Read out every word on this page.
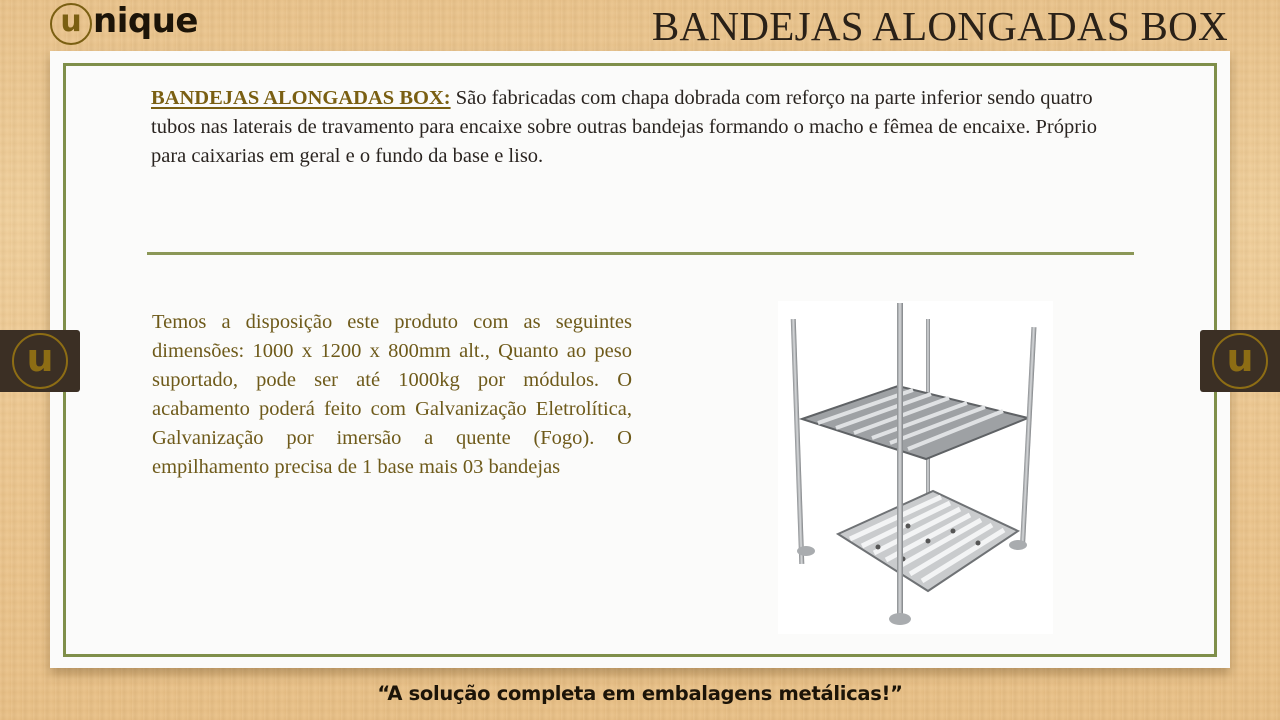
u nique	BANDEJAS ALONGADAS BOX

BANDEJAS ALONGADAS BOX: São fabricadas com chapa dobrada com reforço na parte inferior sendo quatro tubos nas laterais de travamento para encaixe sobre outras bandejas formando o macho e fêmea de encaixe. Próprio para caixarias em geral e o fundo da base e liso.

Temos a disposição este produto com as seguintes dimensões: 1000 x 1200 x 800mm alt., Quanto ao peso suportado, pode ser até 1000kg por módulos. O acabamento poderá feito com Galvanização Eletrolítica, Galvanização por imersão a quente (Fogo). O empilhamento precisa de 1 base mais 03 bandejas

u	u
“A solução completa em embalagens metálicas!”
